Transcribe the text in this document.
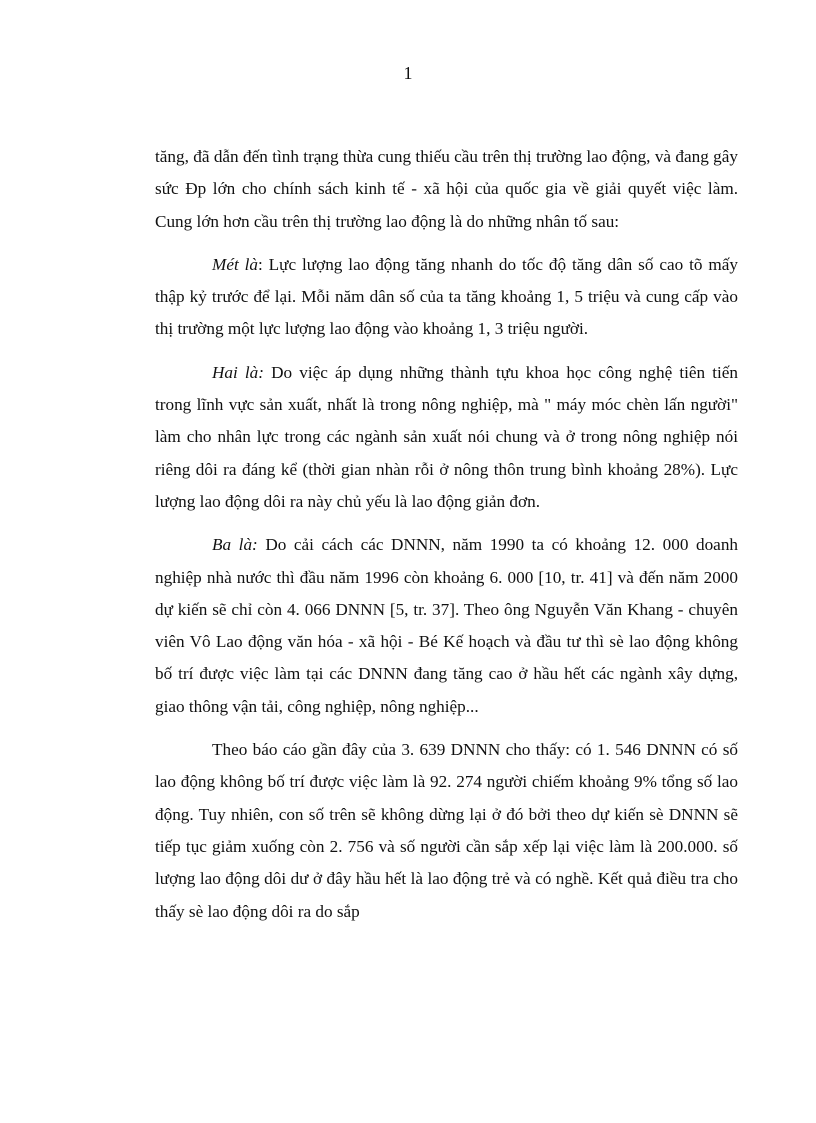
1

tăng, đã dẫn đến tình trạng thừa cung thiếu cầu trên thị trường lao động, và đang gây sức Ðp lớn cho chính sách kinh tế - xã hội của quốc gia về giải quyết việc làm. Cung lớn hơn cầu trên thị trường lao động là do những nhân tố sau:

Mét là: Lực lượng lao động tăng nhanh do tốc độ tăng dân số cao tõ mấy thập kỷ trước để lại. Mỗi năm dân số của ta tăng khoảng 1, 5 triệu và cung cấp vào thị trường một lực lượng lao động vào khoảng 1, 3 triệu người.

Hai là: Do việc áp dụng những thành tựu khoa học công nghệ tiên tiến trong lĩnh vực sản xuất, nhất là trong nông nghiệp, mà " máy móc chèn lấn người" làm cho nhân lực trong các ngành sản xuất nói chung và ở trong nông nghiệp nói riêng dôi ra đáng kể (thời gian nhàn rỗi ở nông thôn trung bình khoảng 28%). Lực lượng lao động dôi ra này chủ yếu là lao động giản đơn.

Ba là: Do cải cách các DNNN, năm 1990 ta có khoảng 12. 000 doanh nghiệp nhà nước thì đầu năm 1996 còn khoảng 6. 000 [10, tr. 41] và đến năm 2000 dự kiến sẽ chỉ còn 4. 066 DNNN [5, tr. 37]. Theo ông Nguyễn Văn Khang - chuyên viên Vô Lao động văn hóa - xã hội - Bé Kế hoạch và đầu tư thì sè lao động không bố trí được việc làm tại các DNNN đang tăng cao ở hầu hết các ngành xây dựng, giao thông vận tải, công nghiệp, nông nghiệp...

Theo báo cáo gần đây của 3. 639 DNNN cho thấy: có 1. 546 DNNN có số lao động không bố trí được việc làm là 92. 274 người chiếm khoảng 9% tổng số lao động. Tuy nhiên, con số trên sẽ không dừng lại ở đó bởi theo dự kiến sè DNNN sẽ tiếp tục giảm xuống còn 2. 756 và số người cần sắp xếp lại việc làm là 200.000. số lượng lao động dôi dư ở đây hầu hết là lao động trẻ và có nghề. Kết quả điều tra cho thấy sè lao động dôi ra do sắp
